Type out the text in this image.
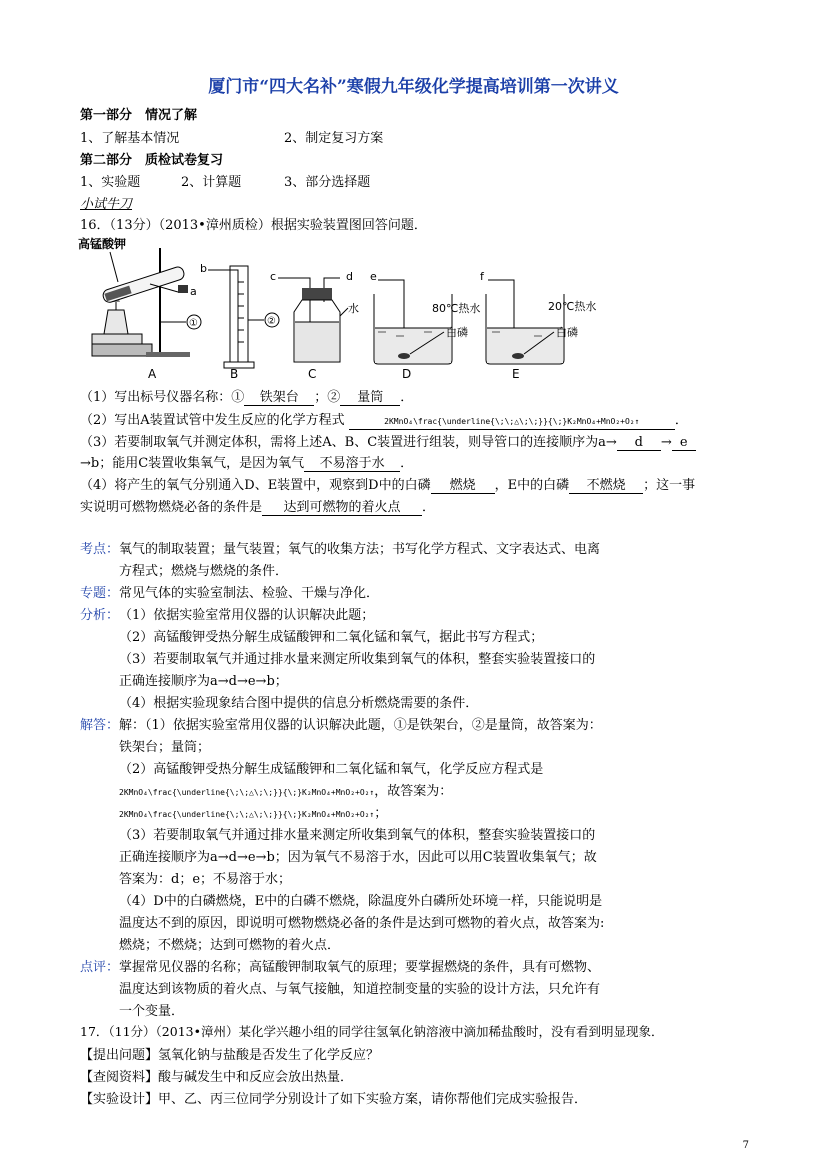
厦门市“四大名补”寒假九年级化学提高培训第一次讲义
第一部分　情况了解
1、了解基本情况	2、制定复习方案
第二部分　质检试卷复习
1、实验题	2、计算题	3、部分选择题
小试牛刀
16．（13分）（2013•漳州质检）根据实验装置图回答问题．
高锰酸钾
a
①
A
b
②
B
c	d
水
C
e
80℃热水
白磷
D
f
20℃热水
白磷
E
（1）写出标号仪器名称：① 铁架台 ；② 量筒 ．
（2）写出A装置试管中发生反应的化学方程式	2KMnO₄\frac{\underline{\;\;△\;\;}}{\;}K₂MnO₄+MnO₂+O₂↑	．
（3）若要制取氧气并测定体积，需将上述A、B、C装置进行组装，则导管口的连接顺序为a→ d → e
→b；能用C装置收集氧气，是因为氧气 不易溶于水 ．
（4）将产生的氧气分别通入D、E装置中，观察到D中的白磷 燃烧 ，E中的白磷 不燃烧 ；这一事
实说明可燃物燃烧必备的条件是 达到可燃物的着火点 ．
考点： 氧气的制取装置；量气装置；氧气的收集方法；书写化学方程式、文字表达式、电离
方程式；燃烧与燃烧的条件．
专题： 常见气体的实验室制法、检验、干燥与净化．
分析： （1）依据实验室常用仪器的认识解决此题；
（2）高锰酸钾受热分解生成锰酸钾和二氧化锰和氧气，据此书写方程式；
（3）若要制取氧气并通过排水量来测定所收集到氧气的体积，整套实验装置接口的
正确连接顺序为a→d→e→b；
（4）根据实验现象结合图中提供的信息分析燃烧需要的条件．
解答： 解：（1）依据实验室常用仪器的认识解决此题，①是铁架台，②是量筒，故答案为：
铁架台；量筒；
（2）高锰酸钾受热分解生成锰酸钾和二氧化锰和氧气，化学反应方程式是
2KMnO₄\frac{\underline{\;\;△\;\;}}{\;}K₂MnO₄+MnO₂+O₂↑，故答案为：
2KMnO₄\frac{\underline{\;\;△\;\;}}{\;}K₂MnO₄+MnO₂+O₂↑；
（3）若要制取氧气并通过排水量来测定所收集到氧气的体积，整套实验装置接口的
正确连接顺序为a→d→e→b；因为氧气不易溶于水，因此可以用C装置收集氧气；故
答案为：d；e；不易溶于水；
（4）D中的白磷燃烧，E中的白磷不燃烧，除温度外白磷所处环境一样，只能说明是
温度达不到的原因，即说明可燃物燃烧必备的条件是达到可燃物的着火点，故答案为:
燃烧；不燃烧；达到可燃物的着火点．
点评： 掌握常见仪器的名称；高锰酸钾制取氧气的原理；要掌握燃烧的条件，具有可燃物、
温度达到该物质的着火点、与氧气接触，知道控制变量的实验的设计方法，只允许有
一个变量．
17．（11分）（2013•漳州）某化学兴趣小组的同学往氢氧化钠溶液中滴加稀盐酸时，没有看到明显现象．
【提出问题】氢氧化钠与盐酸是否发生了化学反应？
【查阅资料】酸与碱发生中和反应会放出热量．
【实验设计】甲、乙、丙三位同学分别设计了如下实验方案，请你帮他们完成实验报告．
7
